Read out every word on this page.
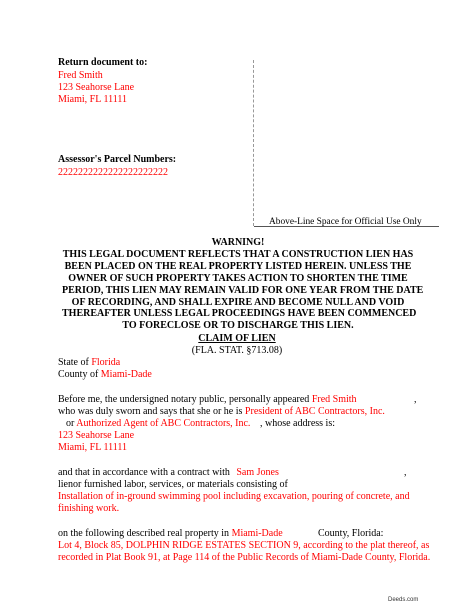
Return document to:
Fred Smith
123 Seahorse Lane
Miami, FL 11111
Assessor's Parcel Numbers:
2222222222222222222222
Above-Line Space for Official Use Only
WARNING!
THIS LEGAL DOCUMENT REFLECTS THAT A CONSTRUCTION LIEN HAS
BEEN PLACED ON THE REAL PROPERTY LISTED HEREIN. UNLESS THE
OWNER OF SUCH PROPERTY TAKES ACTION TO SHORTEN THE TIME
PERIOD, THIS LIEN MAY REMAIN VALID FOR ONE YEAR FROM THE DATE
OF RECORDING, AND SHALL EXPIRE AND BECOME NULL AND VOID
THEREAFTER UNLESS LEGAL PROCEEDINGS HAVE BEEN COMMENCED
TO FORECLOSE OR TO DISCHARGE THIS LIEN.
CLAIM OF LIEN
(FLA. STAT. §713.08)
State of Florida
County of Miami-Dade
Before me, the undersigned notary public, personally appeared Fred Smith	,
who was duly sworn and says that she or he is President of ABC Contractors, Inc.
or Authorized Agent of ABC Contractors, Inc. , whose address is:
123 Seahorse Lane
Miami, FL 11111
and that in accordance with a contract with Sam Jones	,
lienor furnished labor, services, or materials consisting of
Installation of in-ground swimming pool including excavation, pouring of concrete, and
finishing work.
on the following described real property in Miami-Dade	County, Florida:
Lot 4, Block 85, DOLPHIN RIDGE ESTATES SECTION 9, according to the plat thereof, as
recorded in Plat Book 91, at Page 114 of the Public Records of Miami-Dade County, Florida.
Deeds.com
